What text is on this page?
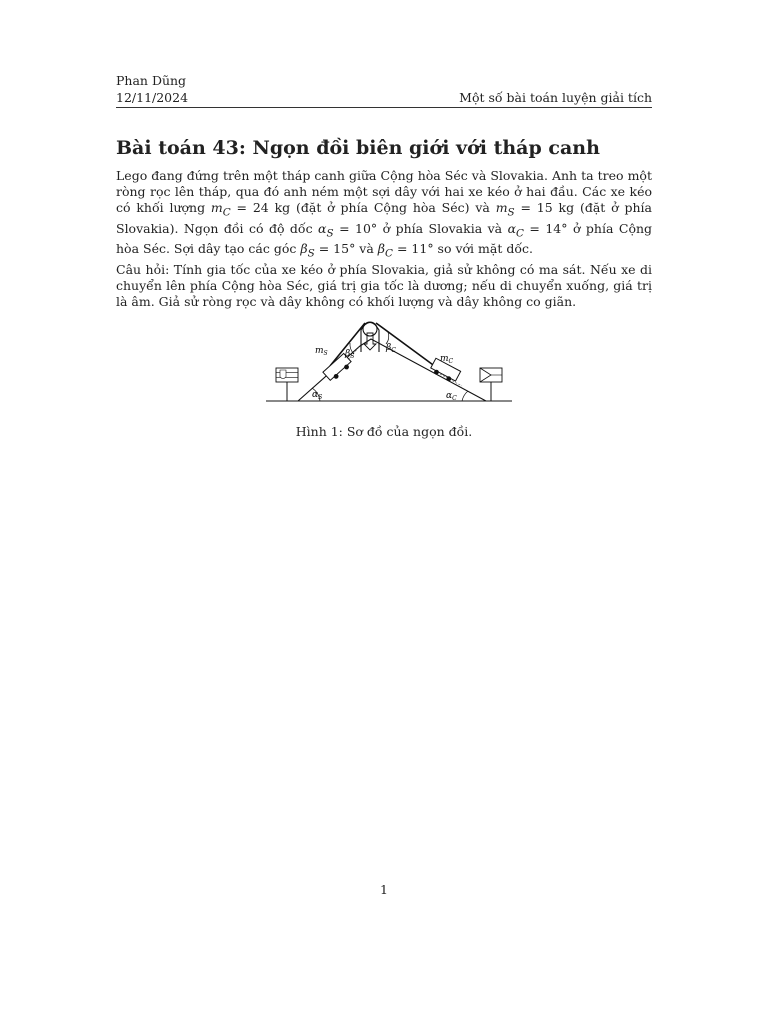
Phan Dũng
12/11/2024	Một số bài toán luyện giải tích
Bài toán 43: Ngọn đồi biên giới với tháp canh

Lego đang đứng trên một tháp canh giữa Cộng hòa Séc và Slovakia. Anh ta treo một ròng rọc lên tháp, qua đó anh ném một sợi dây với hai xe kéo ở hai đầu. Các xe kéo có khối lượng $m_C = 24$ kg (đặt ở phía Cộng hòa Séc) và $m_S = 15$ kg (đặt ở phía Slovakia). Ngọn đồi có độ dốc $\alpha_S = 10^\circ$ ở phía Slovakia và $\alpha_C = 14^\circ$ ở phía Cộng hòa Séc. Sợi dây tạo các góc $\beta_S = 15^\circ$ và $\beta_C = 11^\circ$ so với mặt dốc.

Câu hỏi: Tính gia tốc của xe kéo ở phía Slovakia, giả sử không có ma sát. Nếu xe di chuyển lên phía Cộng hòa Séc, giá trị gia tốc là dương; nếu di chuyển xuống, giá trị là âm. Giả sử ròng rọc và dây không có khối lượng và dây không co giãn.

$m_S$ $\beta_S$
$\beta_C$
$m_C$
$\alpha_S$	$\alpha_C$
Hình 1: Sơ đồ của ngọn đồi.
1
